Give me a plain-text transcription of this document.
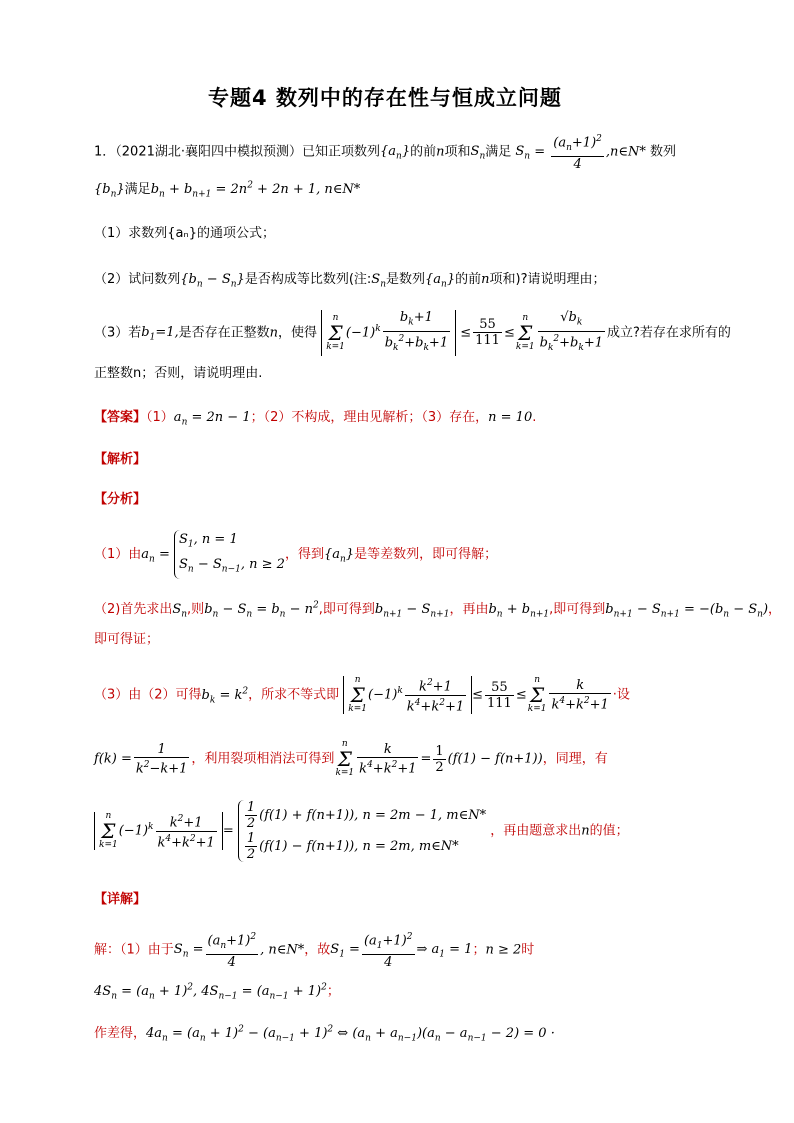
专题4 数列中的存在性与恒成立问题
1．（2021湖北·襄阳四中模拟预测）已知正项数列$\{a_n\}$的前n项和$S_n$满足 $S_n = \frac{(a_n+1)^2}{4}$ ,n∈N* 数列
$\{b_n\}$满足$b_n + b_{n+1} = 2n^2 + 2n + 1$, n∈N*
（1）求数列{aₙ}的通项公式；
（2）试问数列$\{b_n - S_n\}$是否构成等比数列(注$:S_n$是数列$\{a_n\}$的前n项和)?请说明理由；
（3）若$b_1=1$,是否存在正整数n，使得 n
Σ
$k=1(-1)^k \frac{b_k+1}{b_k^2+b_k+1} \le \frac{55}{111} \le n$
Σ
$k=1 \frac{√b_k}{b_k^2+b_k+1}$ 成立?若存在求所有的
正整数n；否则，请说明理由.
【答案】$(1)a_n = 2n - 1$；（2）不构成，理由见解析；（3）存在，n = 10.
【解析】
【分析】
（1）由$a_n = S_1$, n = 1
$S_n - S_{n-1}$, n ≥ 2，得到$\{a_n\}$是等差数列，即可得解；
（2)首先求出$S_n$,则$b_n - S_n = b_n - n^2$,即可得到$b_{n+1} - S_{n+1}$，再由$b_n + b_{n+1}$,即可得到$b_{n+1} - S_{n+1} = -(b_n - S_n)$，
即可得证；
（3）由（2）可得$b_k = k^2$，所求不等式即 n
Σ
$k=1(-1)^k \frac{k^2+1}{k^4+k^2+1} \le \frac{55}{111} \le n$
Σ
$k=1 \frac{k}{k^4+k^2+1}$ ·设
$f(k) = \frac{1}{k^2-k+1}$ ，利用裂项相消法可得到n
Σ
$k=1 \frac{k}{k^4+k^2+1} = \frac{1}{2} (f(1) - f(n+1))$，同理，有
n
Σ
$k=1(-1)^k \frac{k^2+1}{k^4+k^2+1} = \frac{1}{2} (f(1) + f(n+1))$, n = 2m − 1, m∈N*

$\frac{1}{2} (f(1) - f(n+1))$, n = 2m, m∈N* ，再由题意求出n的值；
【详解】
解：（1）由于$S_n = \frac{(a_n+1)^2}{4}$ , n∈N*，故$S_1 = \frac{(a_1+1)^2}{4}$ ⇒ $a_1 = 1$；n ≥ 2时
$4S_n = (a_n + 1)^2$, $4S_{n-1} = (a_{n-1} + 1)^2$；
作差得，$4a_n = (a_n + 1)^2 - (a_{n-1} + 1)^2$ ⇔ $(a_n + a_{n-1})(a_n - a_{n-1} - 2) = 0$ ·
